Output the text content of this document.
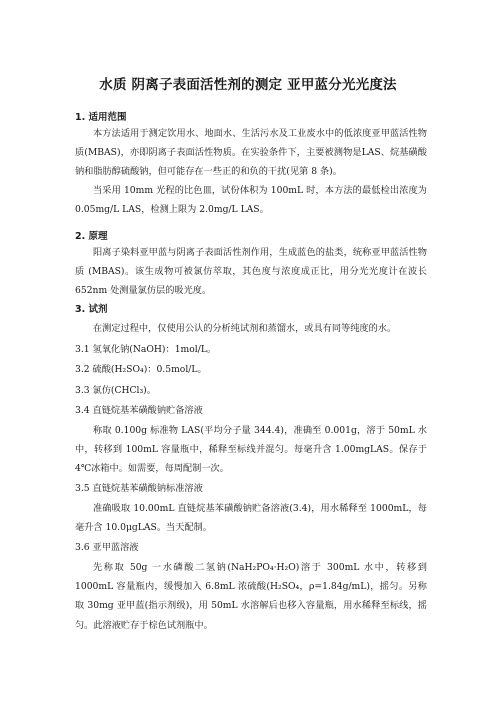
水质 阴离子表面活性剂的测定 亚甲蓝分光光度法
1. 适用范围
本方法适用于测定饮用水、地面水、生活污水及工业废水中的低浓度亚甲蓝活性物质(MBAS)，亦即阴离子表面活性物质。在实验条件下，主要被测物是LAS、烷基磺酸钠和脂肪醇硫酸钠，但可能存在一些正的和负的干扰(见第 8 条)。
当采用 10mm 光程的比色皿，试份体积为 100mL 时，本方法的最低检出浓度为 0.05mg/L LAS，检测上限为 2.0mg/L LAS。
2. 原理
阳离子染料亚甲蓝与阴离子表面活性剂作用，生成蓝色的盐类，统称亚甲蓝活性物质 (MBAS)。该生成物可被氯仿萃取，其色度与浓度成正比，用分光光度计在波长 652nm 处测量氯仿层的吸光度。
3. 试剂
在测定过程中，仅使用公认的分析纯试剂和蒸馏水，或具有同等纯度的水。
3.1 氢氧化钠(NaOH)：1mol/L。
3.2 硫酸(H₂SO₄)：0.5mol/L。
3.3 氯仿(CHCl₃)。
3.4 直链烷基苯磺酸钠贮备溶液
称取 0.100g 标准物 LAS(平均分子量 344.4)，准确至 0.001g，溶于 50mL 水中，转移到 100mL 容量瓶中，稀释至标线并混匀。每毫升含 1.00mgLAS。保存于 4℃冰箱中。如需要，每周配制一次。
3.5 直链烷基苯磺酸钠标准溶液
准确吸取 10.00mL 直链烷基苯磺酸钠贮备溶液(3.4)，用水稀释至 1000mL，每毫升含 10.0μgLAS。当天配制。
3.6 亚甲蓝溶液
先称取 50g 一水磷酸二氢钠(NaH₂PO₄·H₂O)溶于 300mL 水中，转移到 1000mL 容量瓶内，缓慢加入 6.8mL 浓硫酸(H₂SO₄，ρ=1.84g/mL)，摇匀。另称取 30mg 亚甲蓝(指示剂级)，用 50mL 水溶解后也移入容量瓶，用水稀释至标线，摇匀。此溶液贮存于棕色试剂瓶中。
